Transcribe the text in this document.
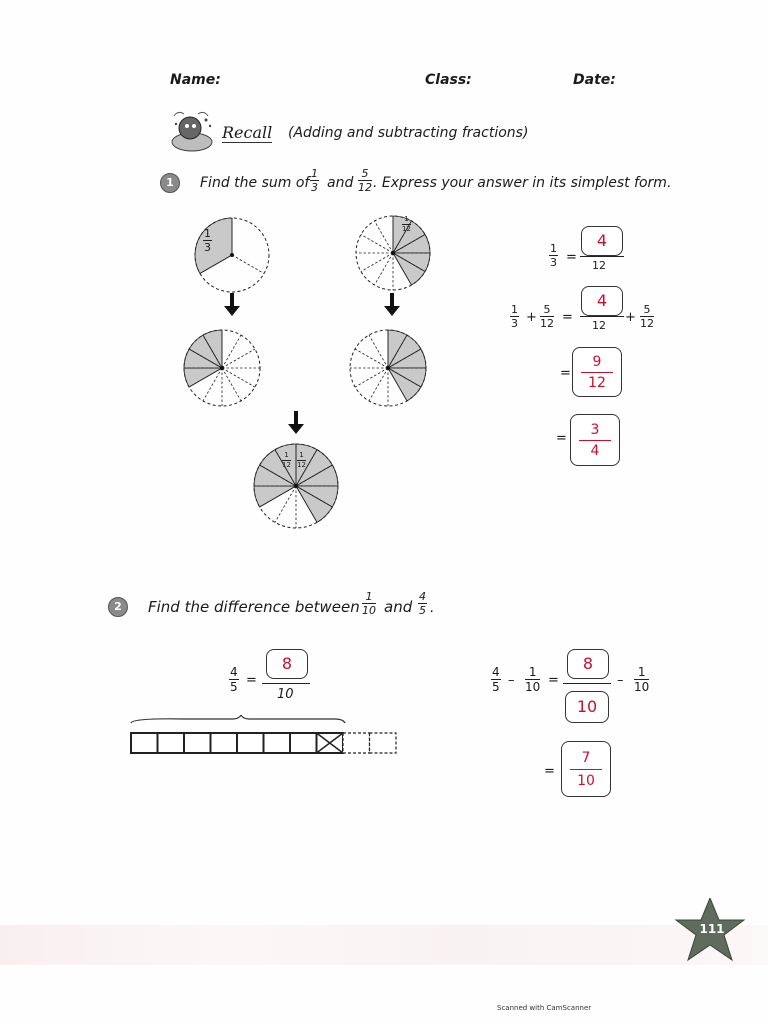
Name:	Class:	Date:
Recall (Adding and subtracting fractions)
1	Find the sum of $\frac{1}{3}$ and $\frac{5}{12}$ . Express your answer in its simplest form.
$\frac{1}{3}$
$\frac{1}{12}$
$\frac{1}{12} \frac{1}{12}$
$\frac{1}{3}$ =
4
12
$\frac{1}{3} + \frac{5}{12}$ =
4
12
+ $\frac{5}{12}$
=
9
12
=
3
4
2	Find the difference between $\frac{1}{10}$ and $\frac{4}{5}$ .
$\frac{4}{5}$ =
8
10
$\frac{4}{5} - \frac{1}{10}$ =
8
10
– $\frac{1}{10}$
=
7
10
111
Scanned with CamScanner
